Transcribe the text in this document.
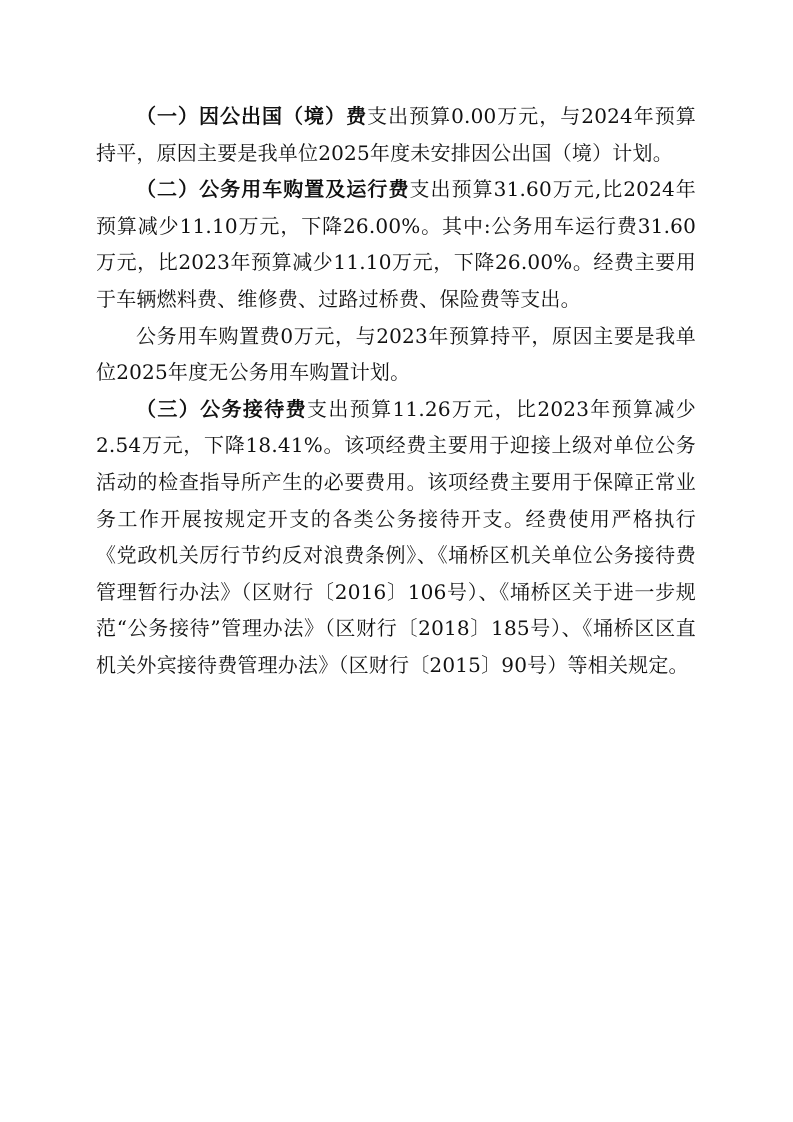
（一）因公出国（境）费支出预算0.00万元，与2024年预算持平，原因主要是我单位2025年度未安排因公出国（境）计划。

（二）公务用车购置及运行费支出预算31.60万元,比2024年预算减少11.10万元，下降26.00%。其中:公务用车运行费31.60万元，比2023年预算减少11.10万元，下降26.00%。经费主要用于车辆燃料费、维修费、过路过桥费、保险费等支出。

公务用车购置费0万元，与2023年预算持平，原因主要是我单位2025年度无公务用车购置计划。

（三）公务接待费支出预算11.26万元，比2023年预算减少2.54万元，下降18.41%。该项经费主要用于迎接上级对单位公务活动的检查指导所产生的必要费用。该项经费主要用于保障正常业务工作开展按规定开支的各类公务接待开支。经费使用严格执行《党政机关厉行节约反对浪费条例》、《埇桥区机关单位公务接待费管理暂行办法》（区财行〔2016〕106号）、《埇桥区关于进一步规范“公务接待”管理办法》（区财行〔2018〕185号）、《埇桥区区直机关外宾接待费管理办法》（区财行〔2015〕90号）等相关规定。
